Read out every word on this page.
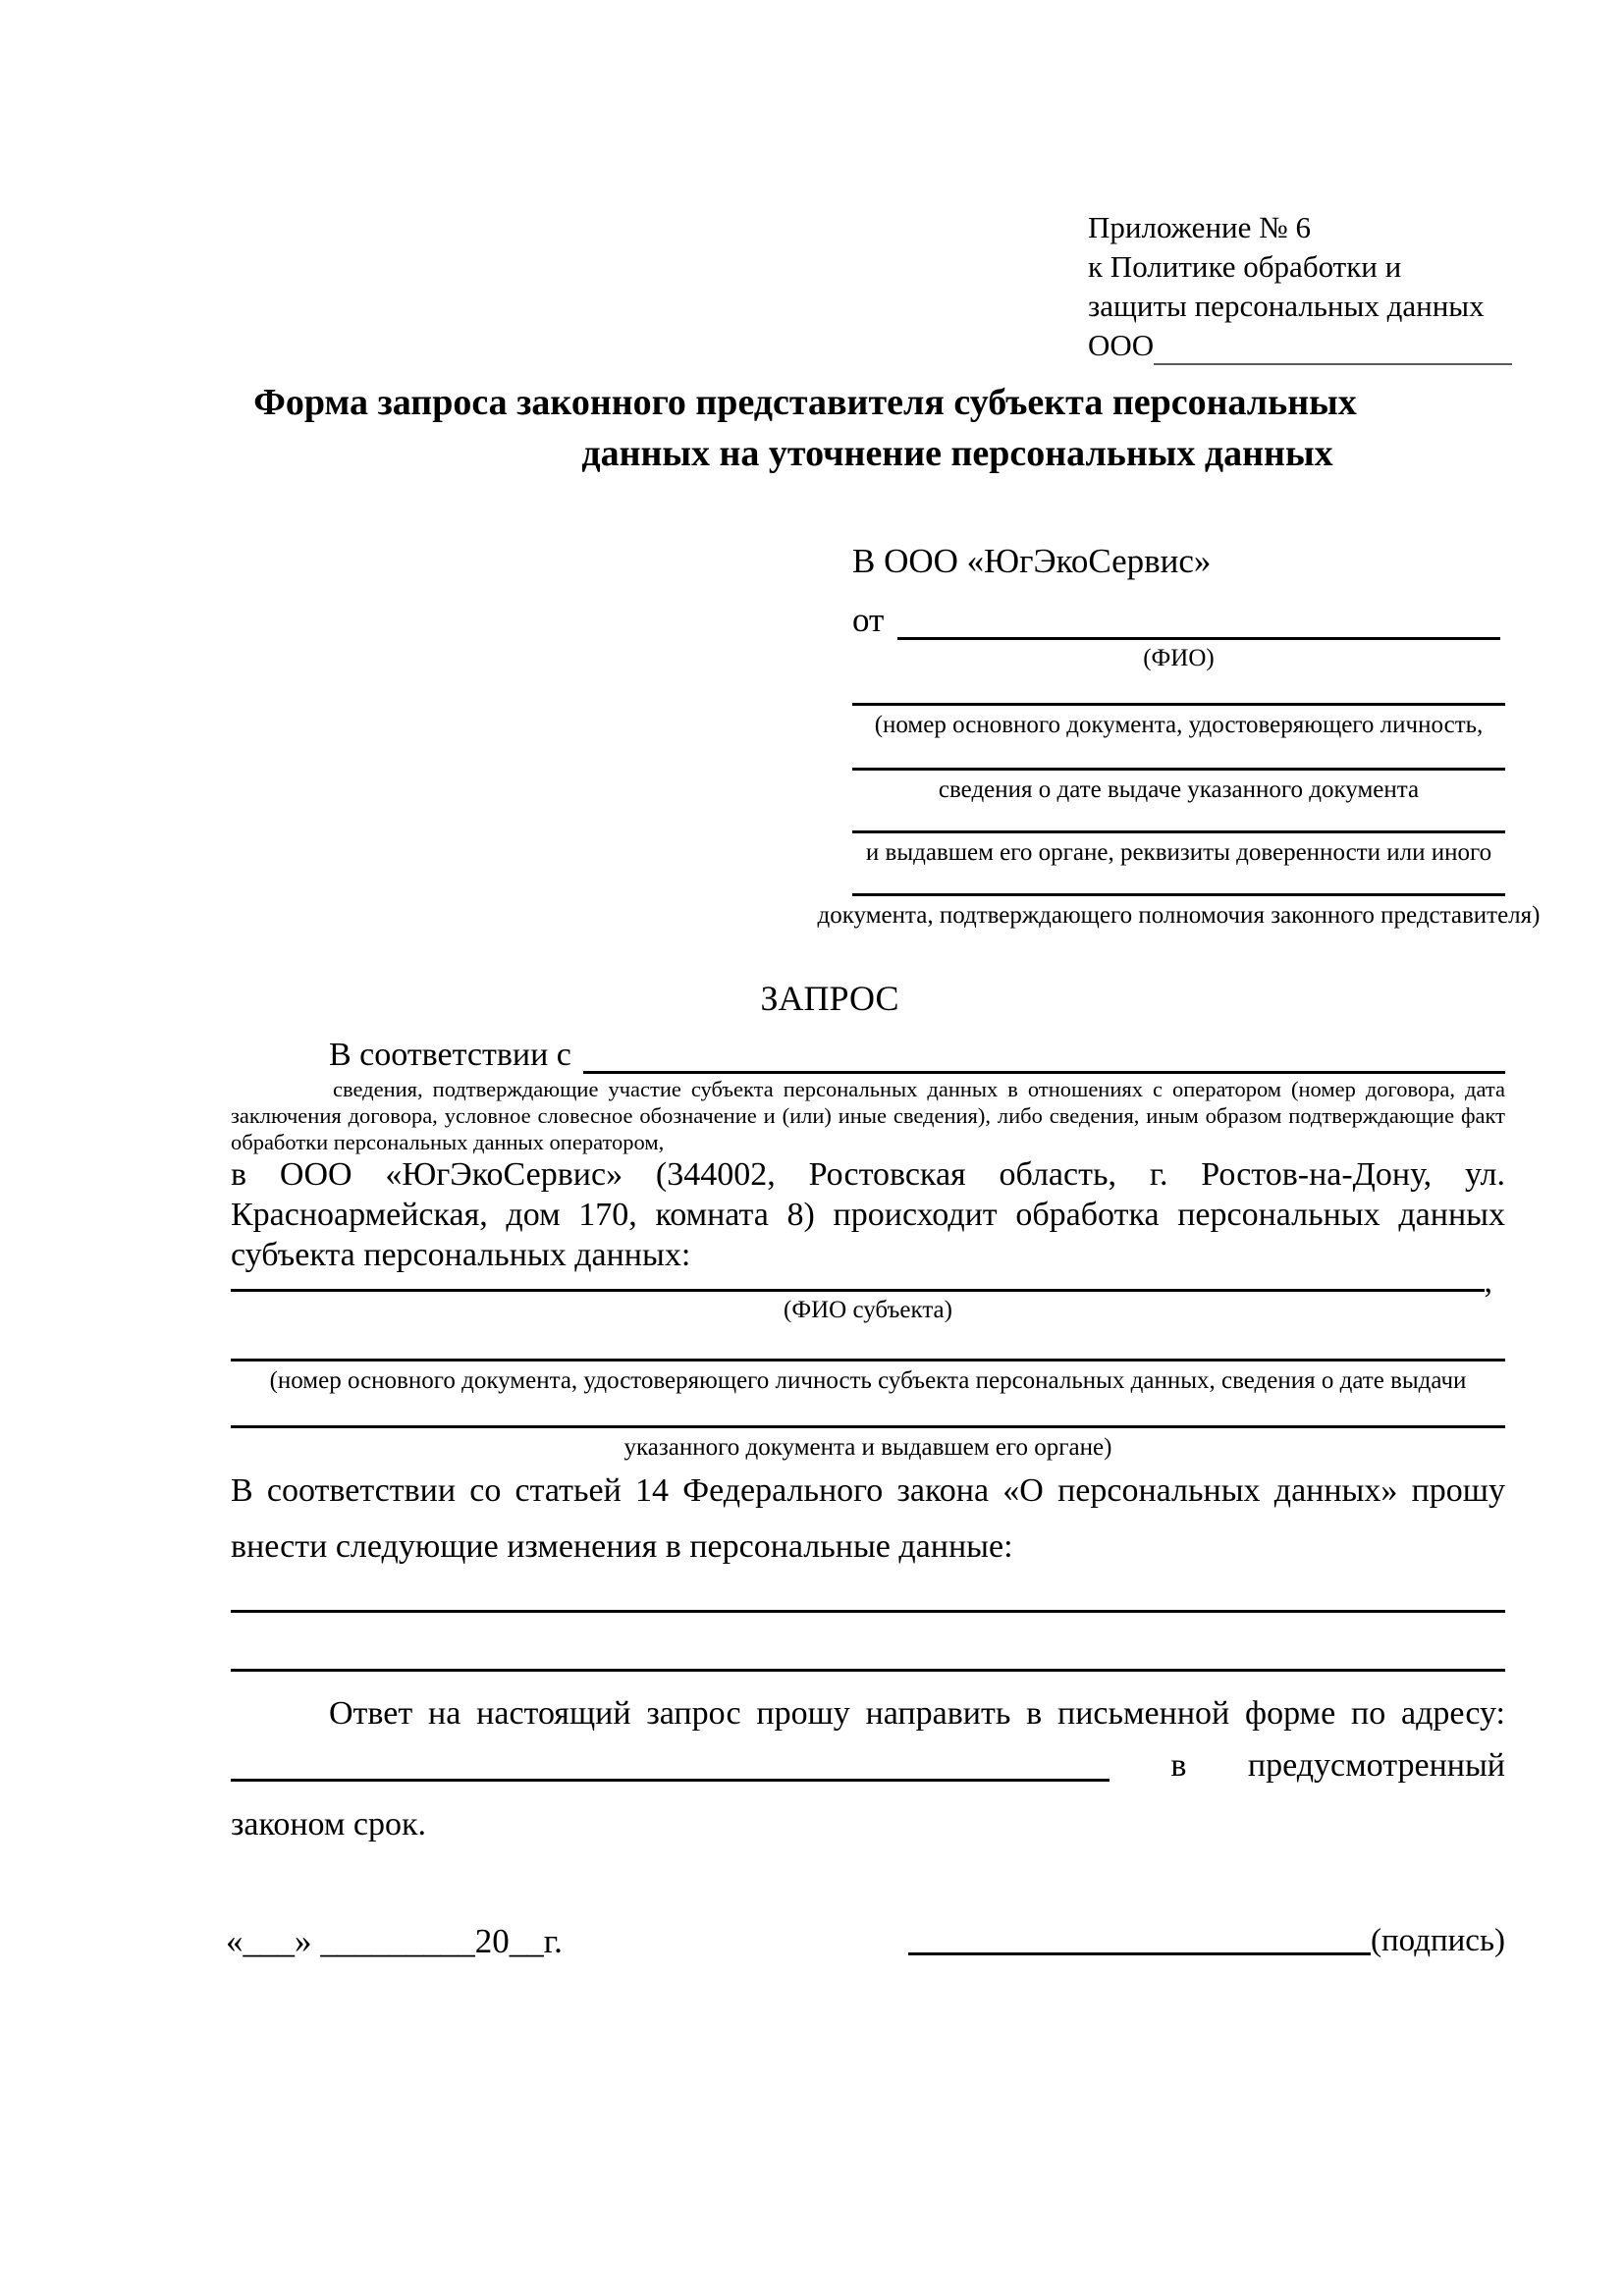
Приложение № 6
к Политике обработки и
защиты персональных данных
ООО
Форма запроса законного представителя субъекта персональных
данных на уточнение персональных данных
В ООО «ЮгЭкоСервис»
от
(ФИО)
(номер основного документа, удостоверяющего личность,
сведения о дате выдаче указанного документа
и выдавшем его органе, реквизиты доверенности или иного
документа, подтверждающего полномочия законного представителя)
ЗАПРОС
В соответствии с
сведения, подтверждающие участие субъекта персональных данных в отношениях с оператором (номер договора, дата
заключения договора, условное словесное обозначение и (или) иные сведения), либо сведения, иным образом подтверждающие факт
обработки персональных данных оператором,
в ООО «ЮгЭкоСервис» (344002, Ростовская область, г. Ростов-на-Дону, ул.
Красноармейская, дом 170, комната 8) происходит обработка персональных данных
субъекта персональных данных:
,
(ФИО субъекта)
(номер основного документа, удостоверяющего личность субъекта персональных данных, сведения о дате выдачи
указанного документа и выдавшем его органе)
В соответствии со статьей 14 Федерального закона «О персональных данных» прошу
внести следующие изменения в персональные данные:
Ответ на настоящий запрос прошу направить в письменной форме по адресу:
в предусмотренный
законом срок.
«___» _________20__г.	(подпись)
